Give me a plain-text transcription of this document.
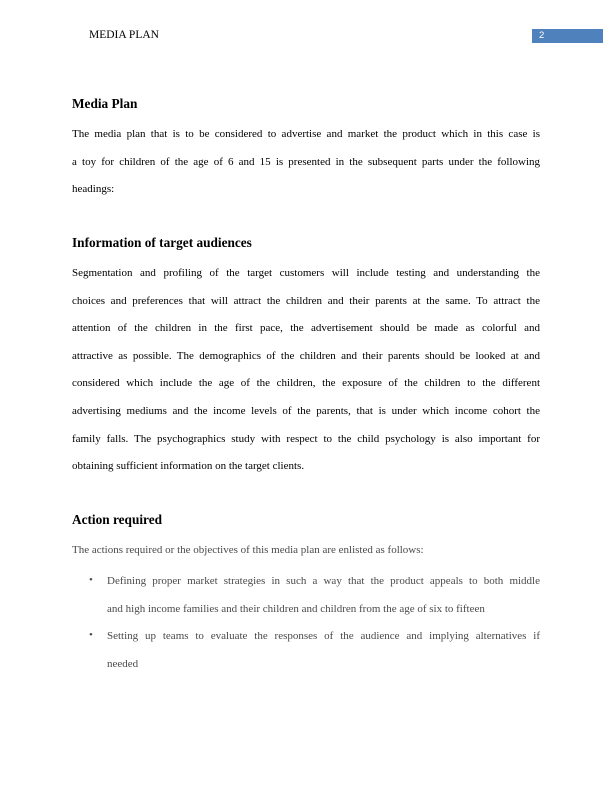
MEDIA PLAN	2
Media Plan
The media plan that is to be considered to advertise and market the product which in this case is
a toy for children of the age of 6 and 15 is presented in the subsequent parts under the following
headings:
Information of target audiences
Segmentation and profiling of the target customers will include testing and understanding the
choices and preferences that will attract the children and their parents at the same. To attract the
attention of the children in the first pace, the advertisement should be made as colorful and
attractive as possible. The demographics of the children and their parents should be looked at and
considered which include the age of the children, the exposure of the children to the different
advertising mediums and the income levels of the parents, that is under which income cohort the
family falls. The psychographics study with respect to the child psychology is also important for
obtaining sufficient information on the target clients.
Action required
The actions required or the objectives of this media plan are enlisted as follows:
• Defining proper market strategies in such a way that the product appeals to both middle
and high income families and their children and children from the age of six to fifteen
• Setting up teams to evaluate the responses of the audience and implying alternatives if
needed
